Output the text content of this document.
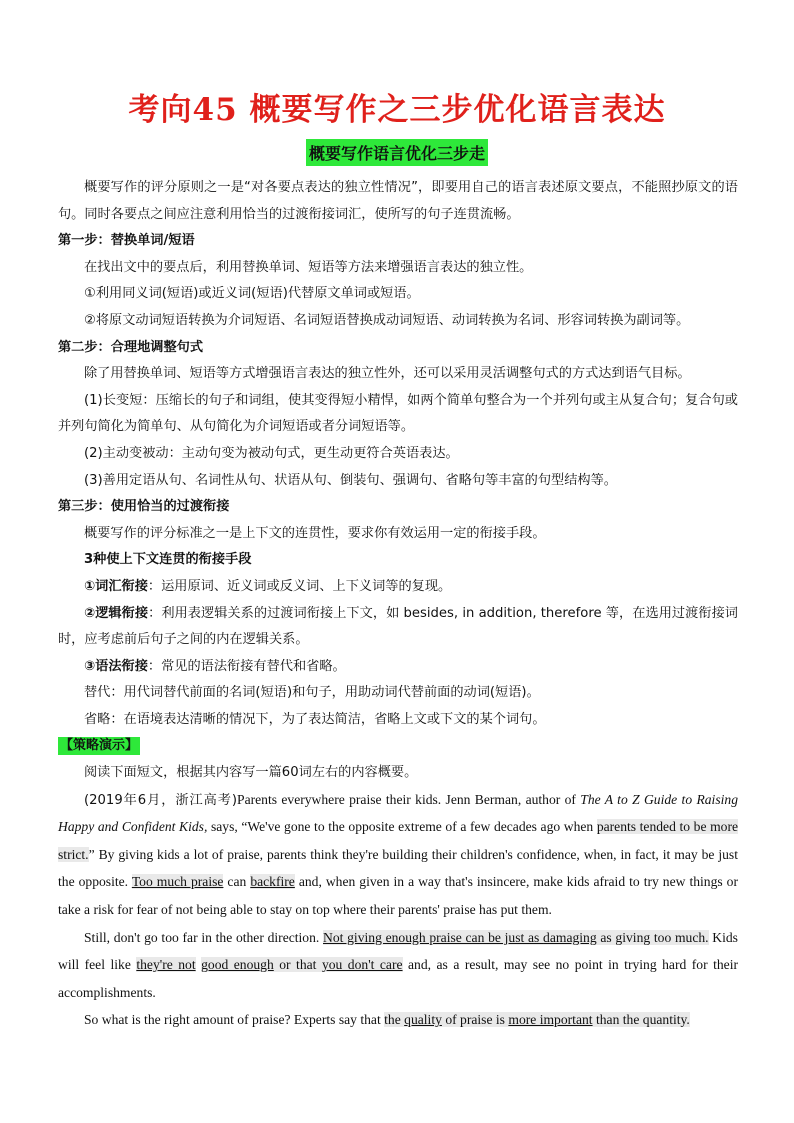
考向45 概要写作之三步优化语言表达
概要写作语言优化三步走

概要写作的评分原则之一是“对各要点表达的独立性情况”，即要用自己的语言表述原文要点，不能照抄原文的语句。同时各要点之间应注意利用恰当的过渡衔接词汇，使所写的句子连贯流畅。

第一步：替换单词/短语

在找出文中的要点后，利用替换单词、短语等方法来增强语言表达的独立性。

①利用同义词(短语)或近义词(短语)代替原文单词或短语。

②将原文动词短语转换为介词短语、名词短语替换成动词短语、动词转换为名词、形容词转换为副词等。

第二步：合理地调整句式

除了用替换单词、短语等方式增强语言表达的独立性外，还可以采用灵活调整句式的方式达到语气目标。

(1)长变短：压缩长的句子和词组，使其变得短小精悍，如两个简单句整合为一个并列句或主从复合句；复合句或并列句简化为简单句、从句简化为介词短语或者分词短语等。

(2)主动变被动：主动句变为被动句式，更生动更符合英语表达。

(3)善用定语从句、名词性从句、状语从句、倒装句、强调句、省略句等丰富的句型结构等。

第三步：使用恰当的过渡衔接

概要写作的评分标准之一是上下文的连贯性，要求你有效运用一定的衔接手段。

3种使上下文连贯的衔接手段

①词汇衔接：运用原词、近义词或反义词、上下义词等的复现。

②逻辑衔接：利用表逻辑关系的过渡词衔接上下文，如 besides, in addition, therefore 等，在选用过渡衔接词时，应考虑前后句子之间的内在逻辑关系。

③语法衔接：常见的语法衔接有替代和省略。

替代：用代词替代前面的名词(短语)和句子，用助动词代替前面的动词(短语)。

省略：在语境表达清晰的情况下，为了表达简洁，省略上文或下文的某个词句。

【策略演示】

阅读下面短文，根据其内容写一篇60词左右的内容概要。

(2019年6月，浙江高考)Parents everywhere praise their kids. Jenn Berman, author of The A to Z Guide to Raising Happy and Confident Kids, says, “We've gone to the opposite extreme of a few decades ago when parents tended to be more strict.” By giving kids a lot of praise, parents think they're building their children's confidence, when, in fact, it may be just the opposite. Too much praise can backfire and, when given in a way that's insincere, make kids afraid to try new things or take a risk for fear of not being able to stay on top where their parents' praise has put them.

Still, don't go too far in the other direction. Not giving enough praise can be just as damaging as giving too much. Kids will feel like they're not good enough or that you don't care and, as a result, may see no point in trying hard for their accomplishments.

So what is the right amount of praise? Experts say that the quality of praise is more important than the quantity.
